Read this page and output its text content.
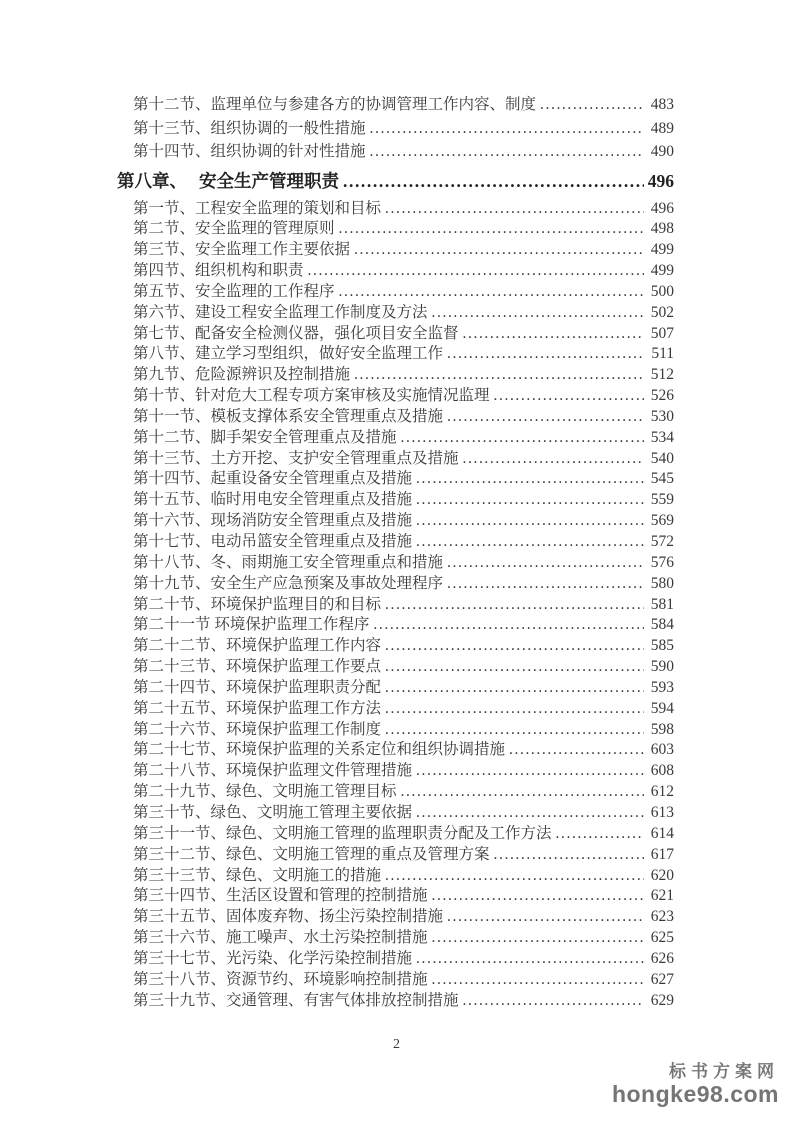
第十二节、 监理单位与参建各方的协调管理工作内容、制度 .....	483
第十三节、 组织协调的一般性措施 .....	489
第十四节、 组织协调的针对性措施 .....	490
第八章、 安全生产管理职责 .....	496
第一节、工程安全监理的策划和目标 .....	496
第二节、安全监理的管理原则 .....	498
第三节、安全监理工作主要依据 .....	499
第四节、组织机构和职责 .....	499
第五节、安全监理的工作程序 .....	500
第六节、建设工程安全监理工作制度及方法 .....	502
第七节、配备安全检测仪器，强化项目安全监督 .....	507
第八节、建立学习型组织，做好安全监理工作 .....	511
第九节、危险源辨识及控制措施 .....	512
第十节、针对危大工程专项方案审核及实施情况监理 .....	526
第十一节、模板支撑体系安全管理重点及措施 .....	530
第十二节、脚手架安全管理重点及措施 .....	534
第十三节、土方开挖、支护安全管理重点及措施 .....	540
第十四节、起重设备安全管理重点及措施 .....	545
第十五节、临时用电安全管理重点及措施 .....	559
第十六节、现场消防安全管理重点及措施 .....	569
第十七节、电动吊篮安全管理重点及措施 .....	572
第十八节、冬、雨期施工安全管理重点和措施 .....	576
第十九节、安全生产应急预案及事故处理程序 .....	580
第二十节、环境保护监理目的和目标 .....	581
第二十一节 环境保护监理工作程序 .....	584
第二十二节、环境保护监理工作内容 .....	585
第二十三节、环境保护监理工作要点 .....	590
第二十四节、环境保护监理职责分配 .....	593
第二十五节、环境保护监理工作方法 .....	594
第二十六节、环境保护监理工作制度 .....	598
第二十七节、环境保护监理的关系定位和组织协调措施 .....	603
第二十八节、环境保护监理文件管理措施 .....	608
第二十九节、绿色、文明施工管理目标 .....	612
第三十节、绿色、文明施工管理主要依据 .....	613
第三十一节、绿色、文明施工管理的监理职责分配及工作方法 .....	614
第三十二节、绿色、文明施工管理的重点及管理方案 .....	617
第三十三节、绿色、文明施工的措施 .....	620
第三十四节、生活区设置和管理的控制措施 .....	621
第三十五节、固体废弃物、扬尘污染控制措施 .....	623
第三十六节、施工噪声、水土污染控制措施 .....	625
第三十七节、光污染、化学污染控制措施 .....	626
第三十八节、资源节约、环境影响控制措施 .....	627
第三十九节、交通管理、有害气体排放控制措施 .....	629
2
标书方案网
hongke98.com
